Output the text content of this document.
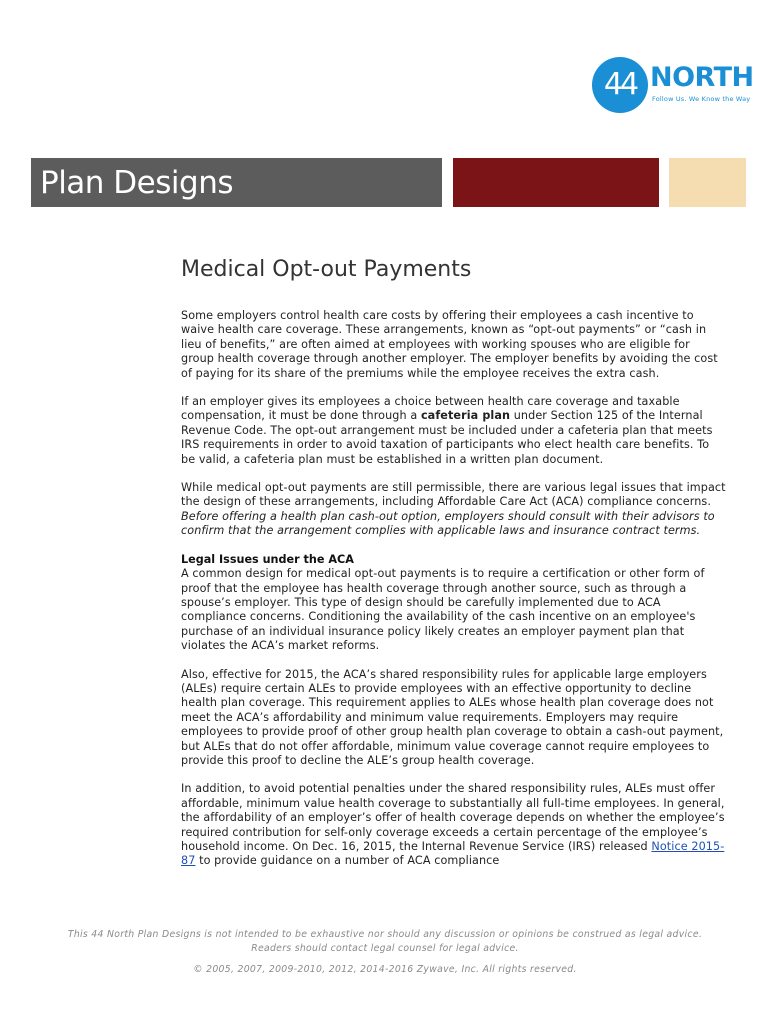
44 NORTH
Follow Us. We Know the Way
Plan Designs
Medical Opt-out Payments

Some employers control health care costs by offering their employees a cash incentive to waive health care coverage. These arrangements, known as “opt-out payments” or “cash in lieu of benefits,” are often aimed at employees with working spouses who are eligible for group health coverage through another employer. The employer benefits by avoiding the cost of paying for its share of the premiums while the employee receives the extra cash.

If an employer gives its employees a choice between health care coverage and taxable compensation, it must be done through a cafeteria plan under Section 125 of the Internal Revenue Code. The opt-out arrangement must be included under a cafeteria plan that meets IRS requirements in order to avoid taxation of participants who elect health care benefits. To be valid, a cafeteria plan must be established in a written plan document.

While medical opt-out payments are still permissible, there are various legal issues that impact the design of these arrangements, including Affordable Care Act (ACA) compliance concerns. Before offering a health plan cash-out option, employers should consult with their advisors to confirm that the arrangement complies with applicable laws and insurance contract terms.

Legal Issues under the ACA

A common design for medical opt-out payments is to require a certification or other form of proof that the employee has health coverage through another source, such as through a spouse’s employer. This type of design should be carefully implemented due to ACA compliance concerns. Conditioning the availability of the cash incentive on an employee's purchase of an individual insurance policy likely creates an employer payment plan that violates the ACA’s market reforms.

Also, effective for 2015, the ACA’s shared responsibility rules for applicable large employers (ALEs) require certain ALEs to provide employees with an effective opportunity to decline health plan coverage. This requirement applies to ALEs whose health plan coverage does not meet the ACA’s affordability and minimum value requirements. Employers may require employees to provide proof of other group health plan coverage to obtain a cash-out payment, but ALEs that do not offer affordable, minimum value coverage cannot require employees to provide this proof to decline the ALE’s group health coverage.

In addition, to avoid potential penalties under the shared responsibility rules, ALEs must offer affordable, minimum value health coverage to substantially all full-time employees. In general, the affordability of an employer’s offer of health coverage depends on whether the employee’s required contribution for self-only coverage exceeds a certain percentage of the employee’s household income. On Dec. 16, 2015, the Internal Revenue Service (IRS) released Notice 2015-87 to provide guidance on a number of ACA compliance

This 44 North Plan Designs is not intended to be exhaustive nor should any discussion or opinions be construed as legal advice.
Readers should contact legal counsel for legal advice.
© 2005, 2007, 2009-2010, 2012, 2014-2016 Zywave, Inc. All rights reserved.
